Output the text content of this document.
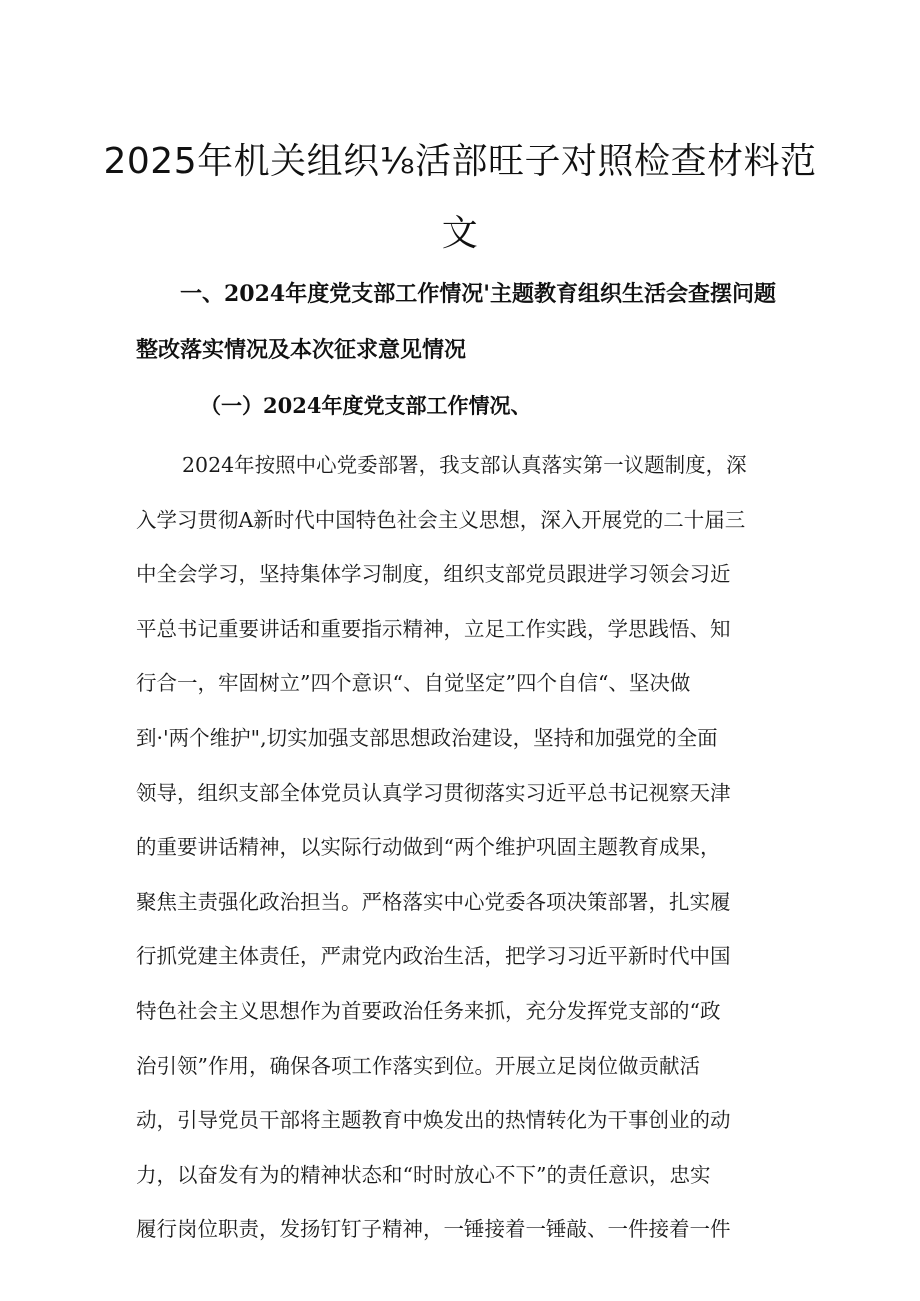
2025年机关组织⅛活部旺子对照检查材料范
文
一、2024年度党支部工作情况'主题教育组织生活会查摆问题
整改落实情况及本次征求意见情况
（一）2024年度党支部工作情况、
2024年按照中心党委部署，我支部认真落实第一议题制度，深
入学习贯彻A新时代中国特色社会主义思想，深入开展党的二十届三
中全会学习，坚持集体学习制度，组织支部党员跟进学习领会习近
平总书记重要讲话和重要指示精神，立足工作实践，学思践悟、知
行合一，牢固树立”四个意识“、自觉坚定”四个自信“、坚决做
到·'两个维护",切实加强支部思想政治建设，坚持和加强党的全面
领导，组织支部全体党员认真学习贯彻落实习近平总书记视察天津
的重要讲话精神，以实际行动做到“两个维护巩固主题教育成果，
聚焦主责强化政治担当。严格落实中心党委各项决策部署，扎实履
行抓党建主体责任，严肃党内政治生活，把学习习近平新时代中国
特色社会主义思想作为首要政治任务来抓，充分发挥党支部的“政
治引领”作用，确保各项工作落实到位。开展立足岗位做贡献活
动，引导党员干部将主题教育中焕发出的热情转化为干事创业的动
力，以奋发有为的精神状态和“时时放心不下”的责任意识，忠实
履行岗位职责，发扬钉钉子精神，一锤接着一锤敲、一件接着一件
